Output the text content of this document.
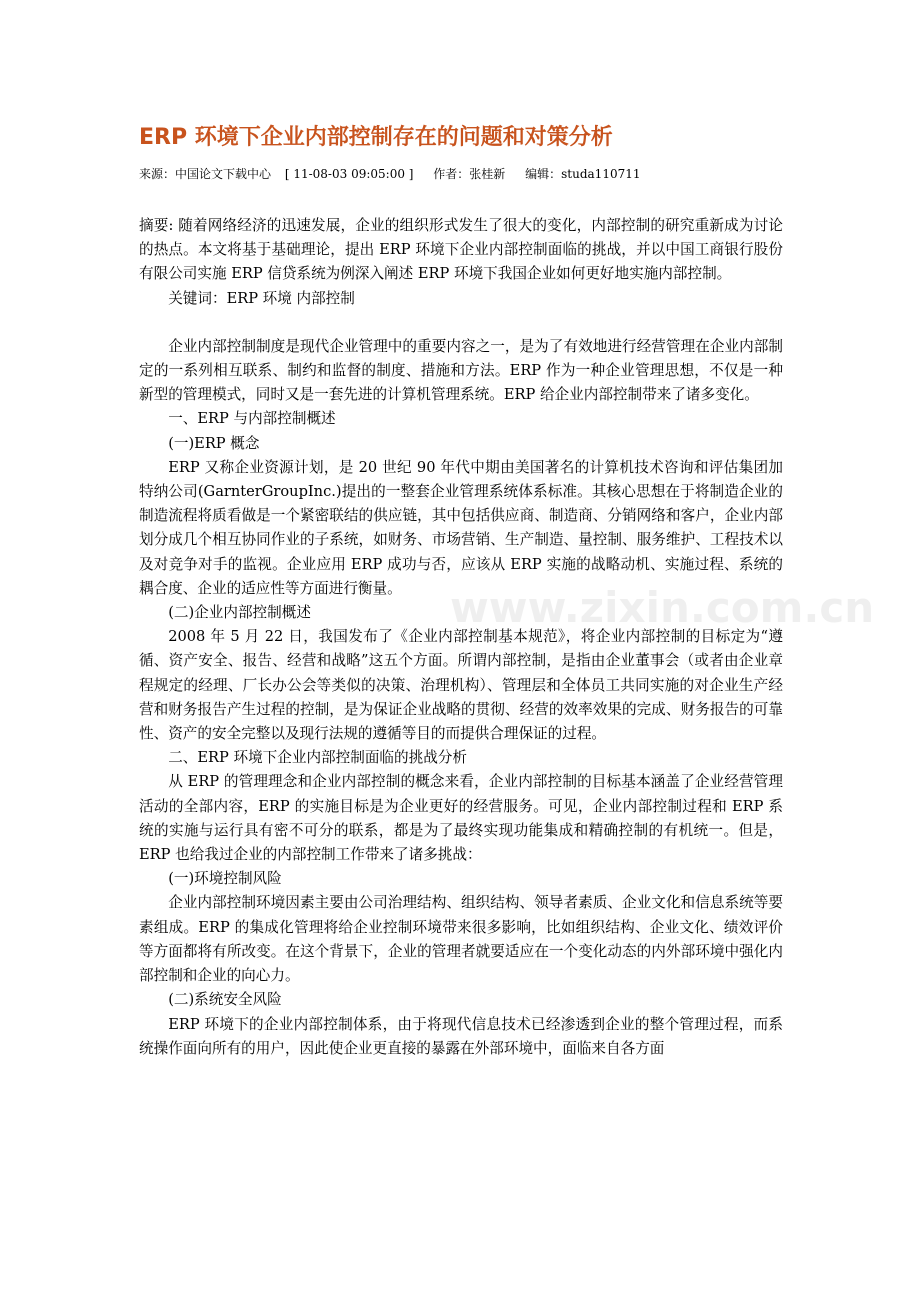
ERP 环境下企业内部控制存在的问题和对策分析
来源：中国论文下载中心 [ 11-08-03 09:05:00 ] 作者：张桂新 编辑：studa110711

摘要: 随着网络经济的迅速发展，企业的组织形式发生了很大的变化，内部控制的研究重新成为讨论的热点。本文将基于基础理论，提出 ERP 环境下企业内部控制面临的挑战，并以中国工商银行股份有限公司实施 ERP 信贷系统为例深入阐述 ERP 环境下我国企业如何更好地实施内部控制。

关键词：ERP 环境 内部控制

企业内部控制制度是现代企业管理中的重要内容之一，是为了有效地进行经营管理在企业内部制定的一系列相互联系、制约和监督的制度、措施和方法。ERP 作为一种企业管理思想，不仅是一种新型的管理模式，同时又是一套先进的计算机管理系统。ERP 给企业内部控制带来了诸多变化。

一、ERP 与内部控制概述

(一)ERP 概念

ERP 又称企业资源计划，是 20 世纪 90 年代中期由美国著名的计算机技术咨询和评估集团加特纳公司(GarnterGroupInc.)提出的一整套企业管理系统体系标准。其核心思想在于将制造企业的制造流程将质看做是一个紧密联结的供应链，其中包括供应商、制造商、分销网络和客户，企业内部划分成几个相互协同作业的子系统，如财务、市场营销、生产制造、量控制、服务维护、工程技术以及对竞争对手的监视。企业应用 ERP 成功与否，应该从 ERP 实施的战略动机、实施过程、系统的耦合度、企业的适应性等方面进行衡量。

(二)企业内部控制概述

2008 年 5 月 22 日，我国发布了《企业内部控制基本规范》，将企业内部控制的目标定为“遵循、资产安全、报告、经营和战略”这五个方面。所谓内部控制，是指由企业董事会（或者由企业章程规定的经理、厂长办公会等类似的决策、治理机构）、管理层和全体员工共同实施的对企业生产经营和财务报告产生过程的控制，是为保证企业战略的贯彻、经营的效率效果的完成、财务报告的可靠性、资产的安全完整以及现行法规的遵循等目的而提供合理保证的过程。

二、ERP 环境下企业内部控制面临的挑战分析

从 ERP 的管理理念和企业内部控制的概念来看，企业内部控制的目标基本涵盖了企业经营管理活动的全部内容，ERP 的实施目标是为企业更好的经营服务。可见，企业内部控制过程和 ERP 系统的实施与运行具有密不可分的联系，都是为了最终实现功能集成和精确控制的有机统一。但是，ERP 也给我过企业的内部控制工作带来了诸多挑战：

(一)环境控制风险

企业内部控制环境因素主要由公司治理结构、组织结构、领导者素质、企业文化和信息系统等要素组成。ERP 的集成化管理将给企业控制环境带来很多影响，比如组织结构、企业文化、绩效评价等方面都将有所改变。在这个背景下，企业的管理者就要适应在一个变化动态的内外部环境中强化内部控制和企业的向心力。

(二)系统安全风险

ERP 环境下的企业内部控制体系，由于将现代信息技术已经渗透到企业的整个管理过程，而系统操作面向所有的用户，因此使企业更直接的暴露在外部环境中，面临来自各方面

www.zixin.com.cn
